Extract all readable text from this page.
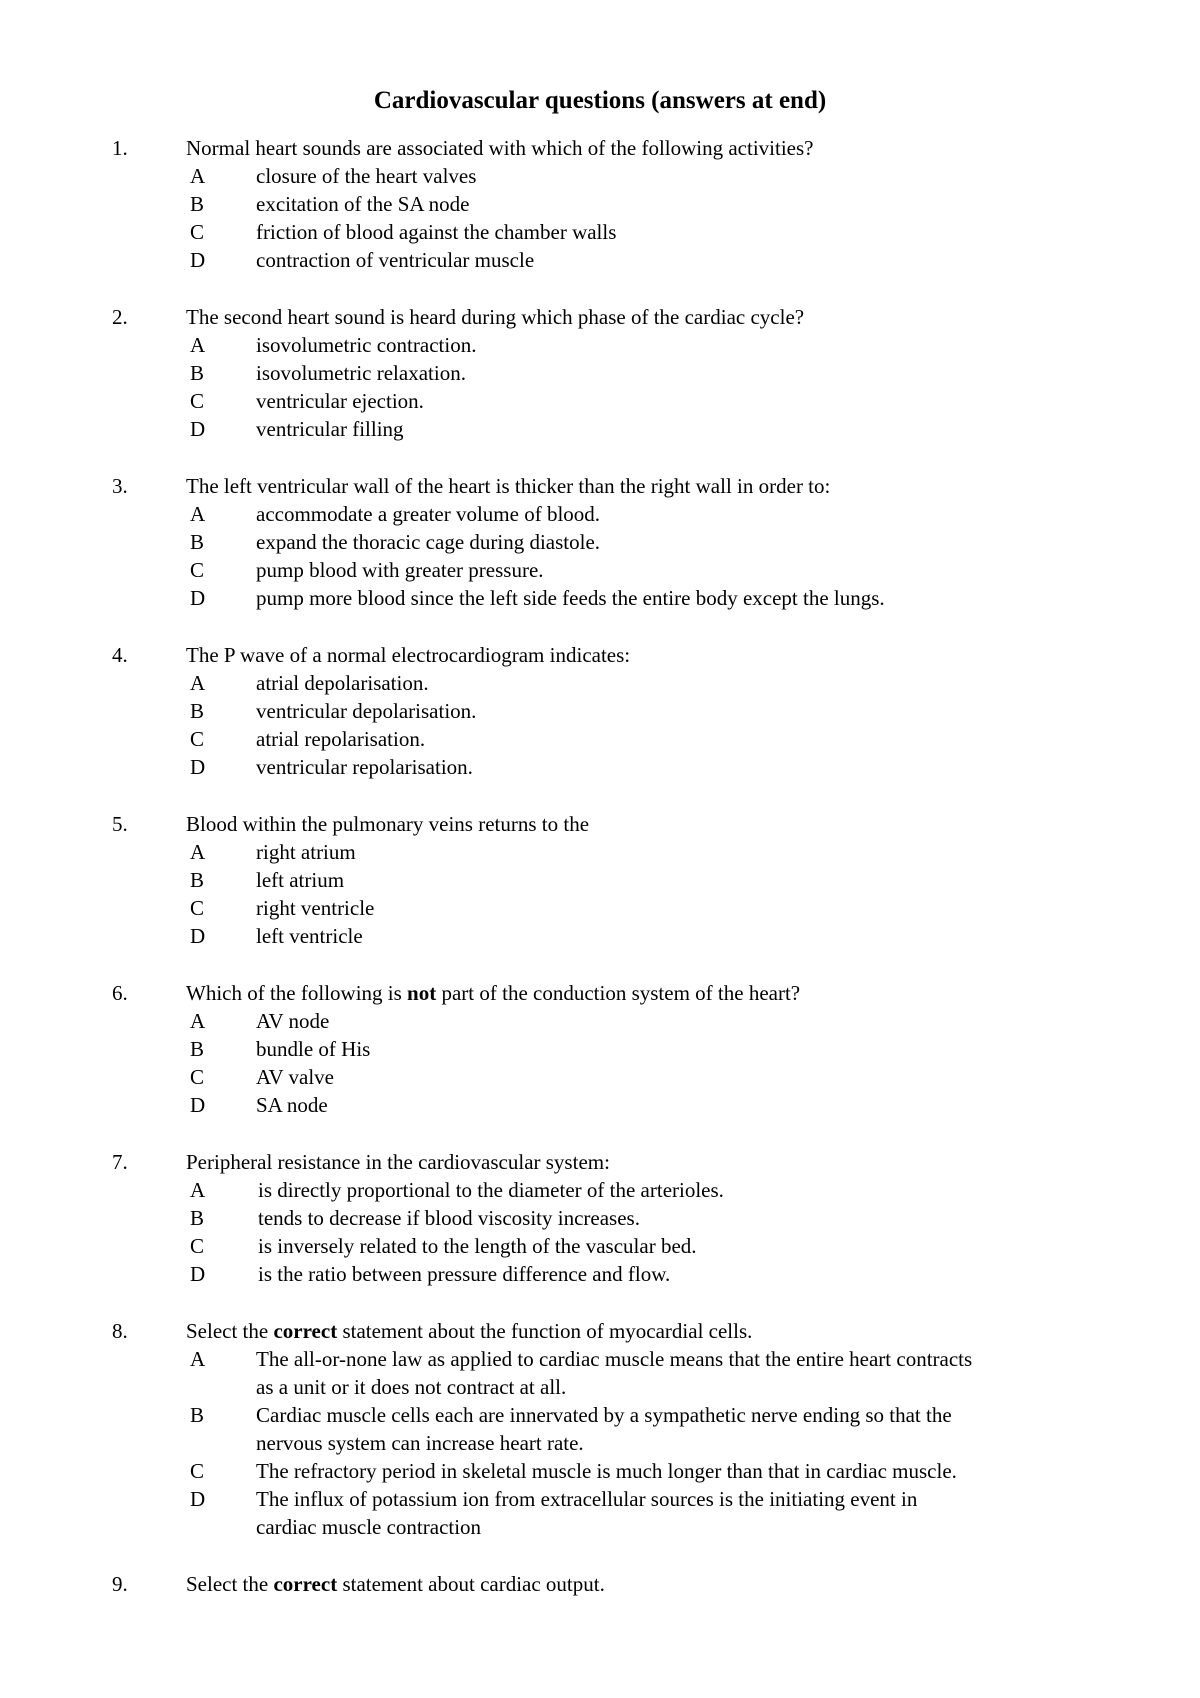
Cardiovascular questions (answers at end)
1.	Normal heart sounds are associated with which of the following activities?
A closure of the heart valves
B excitation of the SA node
C friction of blood against the chamber walls
D contraction of ventricular muscle
2.	The second heart sound is heard during which phase of the cardiac cycle?
A isovolumetric contraction.
B isovolumetric relaxation.
C ventricular ejection.
D ventricular filling
3.	The left ventricular wall of the heart is thicker than the right wall in order to:
A accommodate a greater volume of blood.
B expand the thoracic cage during diastole.
C pump blood with greater pressure.
D pump more blood since the left side feeds the entire body except the lungs.
4.	The P wave of a normal electrocardiogram indicates:
A atrial depolarisation.
B ventricular depolarisation.
C atrial repolarisation.
D ventricular repolarisation.
5.	Blood within the pulmonary veins returns to the
A right atrium
B left atrium
C right ventricle
D left ventricle
6.	Which of the following is not part of the conduction system of the heart?
A AV node
B bundle of His
C AV valve
D SA node
7.	Peripheral resistance in the cardiovascular system:
A	is directly proportional to the diameter of the arterioles.
B	tends to decrease if blood viscosity increases.
C	is inversely related to the length of the vascular bed.
D	is the ratio between pressure difference and flow.
8.	Select the correct statement about the function of myocardial cells.
A The all-or-none law as applied to cardiac muscle means that the entire heart contracts
as a unit or it does not contract at all.
B Cardiac muscle cells each are innervated by a sympathetic nerve ending so that the
nervous system can increase heart rate.
C The refractory period in skeletal muscle is much longer than that in cardiac muscle.
D The influx of potassium ion from extracellular sources is the initiating event in
cardiac muscle contraction
9.	Select the correct statement about cardiac output.
